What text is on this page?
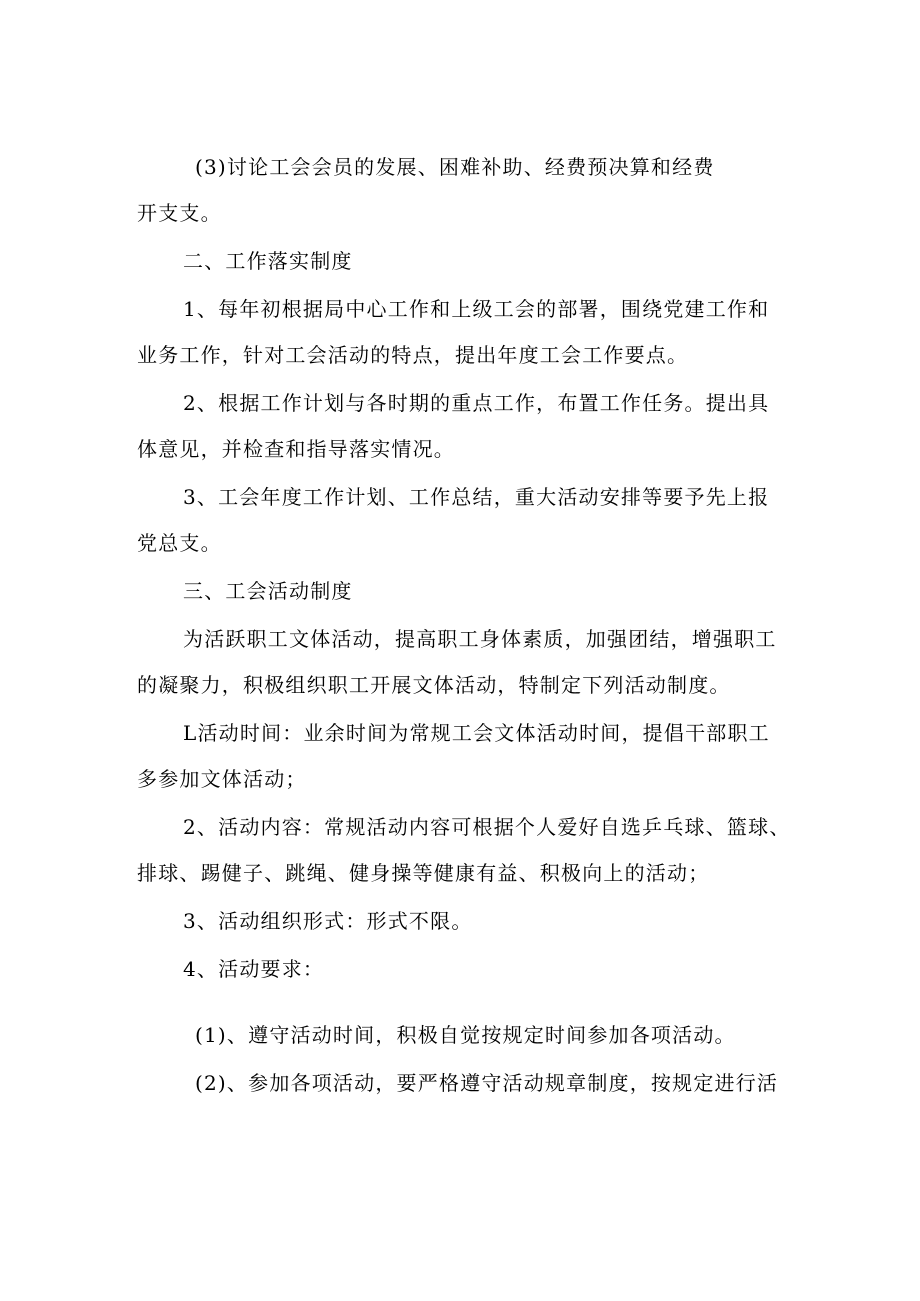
(3)讨论工会会员的发展、困难补助、经费预决算和经费
开支支。
二、工作落实制度
1、每年初根据局中心工作和上级工会的部署，围绕党建工作和
业务工作，针对工会活动的特点，提出年度工会工作要点。
2、根据工作计划与各时期的重点工作，布置工作任务。提出具
体意见，并检查和指导落实情况。
3、工会年度工作计划、工作总结，重大活动安排等要予先上报
党总支。
三、工会活动制度
为活跃职工文体活动，提高职工身体素质，加强团结，增强职工
的凝聚力，积极组织职工开展文体活动，特制定下列活动制度。
L活动时间：业余时间为常规工会文体活动时间，提倡干部职工
多参加文体活动；
2、活动内容：常规活动内容可根据个人爱好自选乒乓球、篮球、
排球、踢健子、跳绳、健身操等健康有益、积极向上的活动；
3、活动组织形式：形式不限。
4、活动要求：
(1)、遵守活动时间，积极自觉按规定时间参加各项活动。
(2)、参加各项活动，要严格遵守活动规章制度，按规定进行活
